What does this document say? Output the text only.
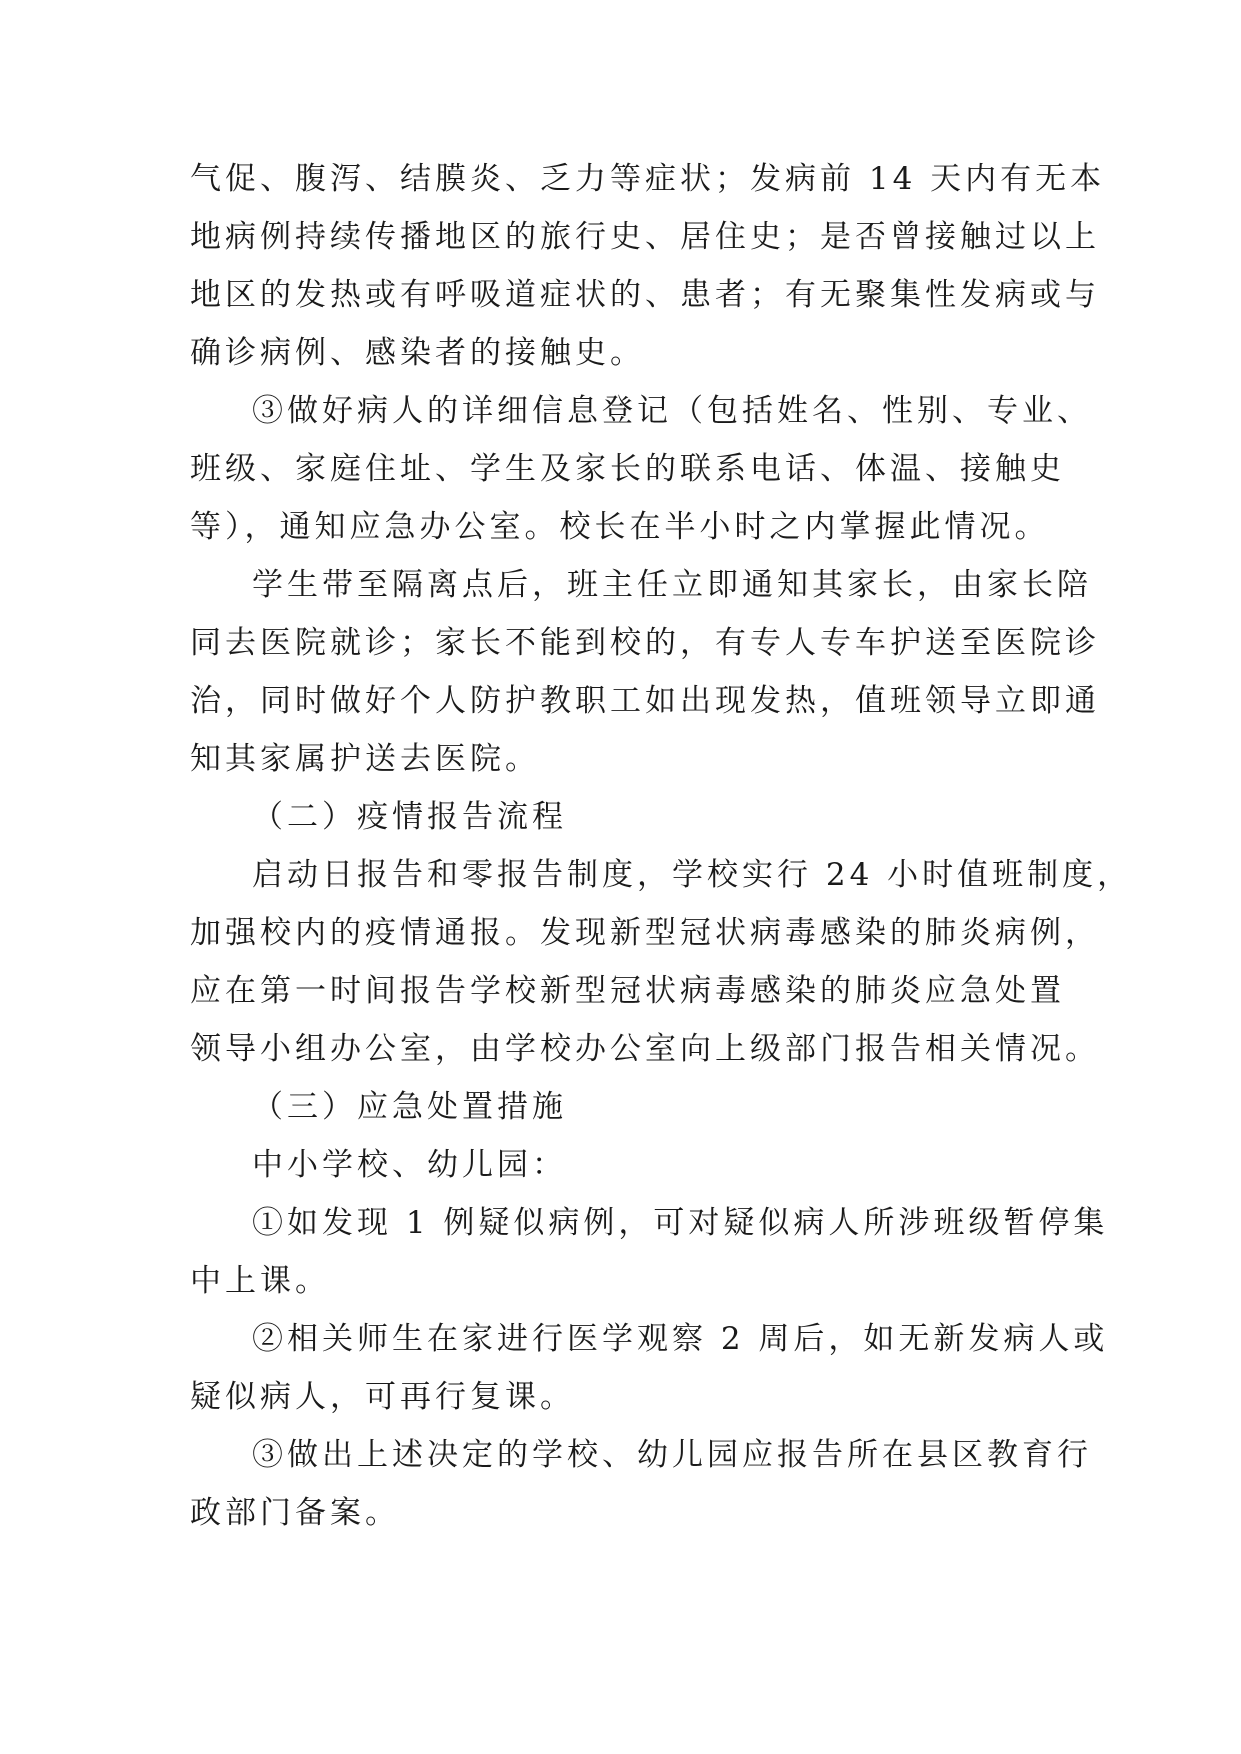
气促、腹泻、结膜炎、乏力等症状；发病前 14 天内有无本
地病例持续传播地区的旅行史、居住史；是否曾接触过以上
地区的发热或有呼吸道症状的、患者；有无聚集性发病或与
确诊病例、感染者的接触史。
③做好病人的详细信息登记（包括姓名、性别、专业、
班级、家庭住址、学生及家长的联系电话、体温、接触史
等），通知应急办公室。校长在半小时之内掌握此情况。
学生带至隔离点后，班主任立即通知其家长，由家长陪
同去医院就诊；家长不能到校的，有专人专车护送至医院诊
治，同时做好个人防护教职工如出现发热，值班领导立即通
知其家属护送去医院。
（二）疫情报告流程
启动日报告和零报告制度，学校实行 24 小时值班制度，
加强校内的疫情通报。发现新型冠状病毒感染的肺炎病例，
应在第一时间报告学校新型冠状病毒感染的肺炎应急处置
领导小组办公室，由学校办公室向上级部门报告相关情况。
（三）应急处置措施
中小学校、幼儿园：
①如发现 1 例疑似病例，可对疑似病人所涉班级暂停集
中上课。
②相关师生在家进行医学观察 2 周后，如无新发病人或
疑似病人，可再行复课。
③做出上述决定的学校、幼儿园应报告所在县区教育行
政部门备案。
